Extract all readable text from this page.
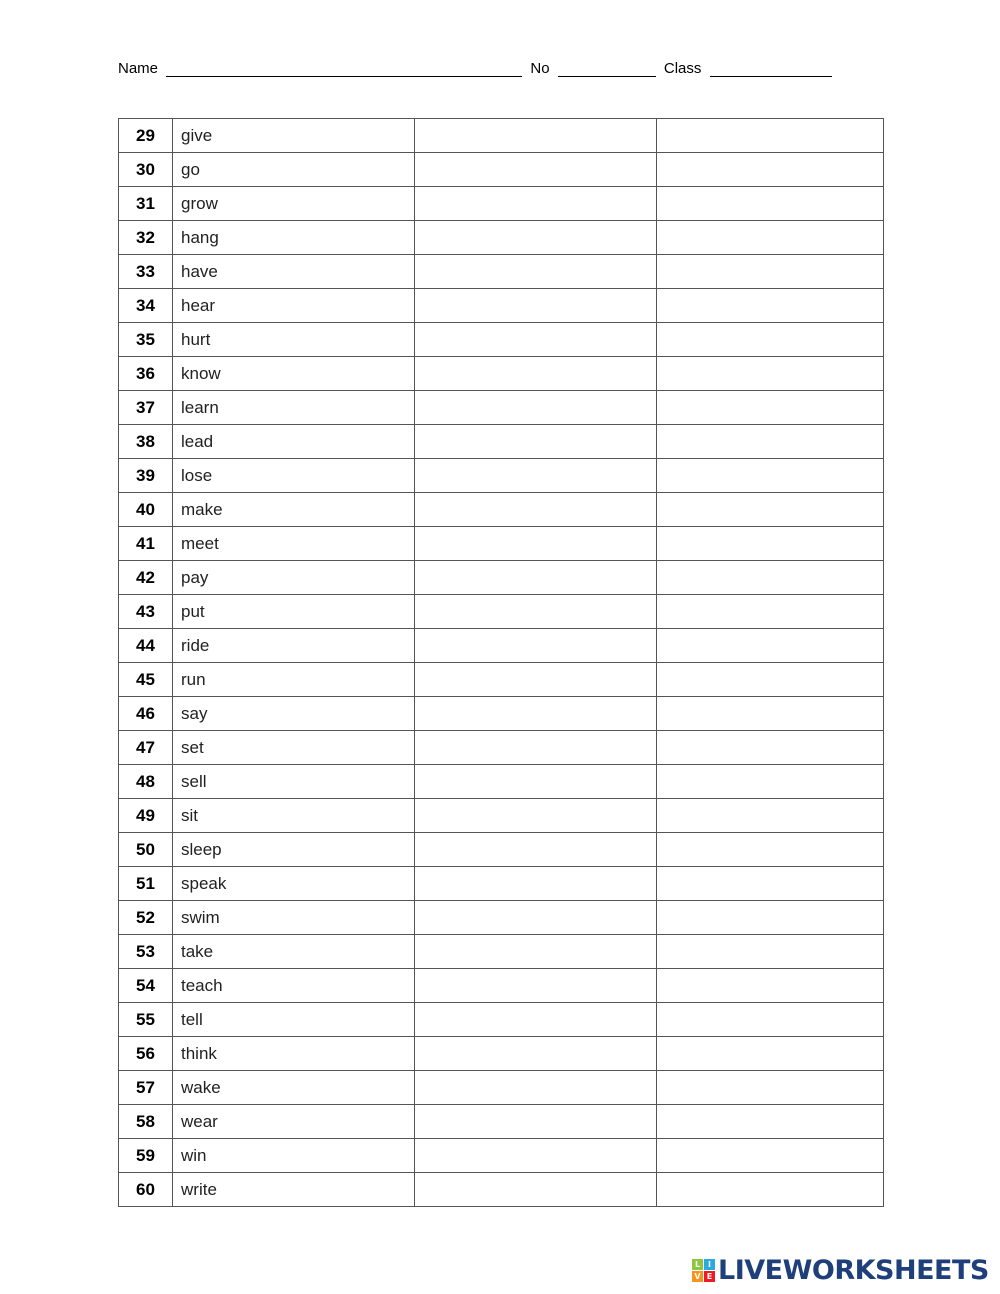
Name	No	Class
29	give		
30	go		
31	grow		
32	hang		
33	have		
34	hear		
35	hurt		
36	know		
37	learn		
38	lead		
39	lose		
40	make		
41	meet		
42	pay		
43	put		
44	ride		
45	run		
46	say		
47	set		
48	sell		
49	sit		
50	sleep		
51	speak		
52	swim		
53	take		
54	teach		
55	tell		
56	think		
57	wake		
58	wear		
59	win		
60	write		
L I
V E LIVEWORKSHEETS
